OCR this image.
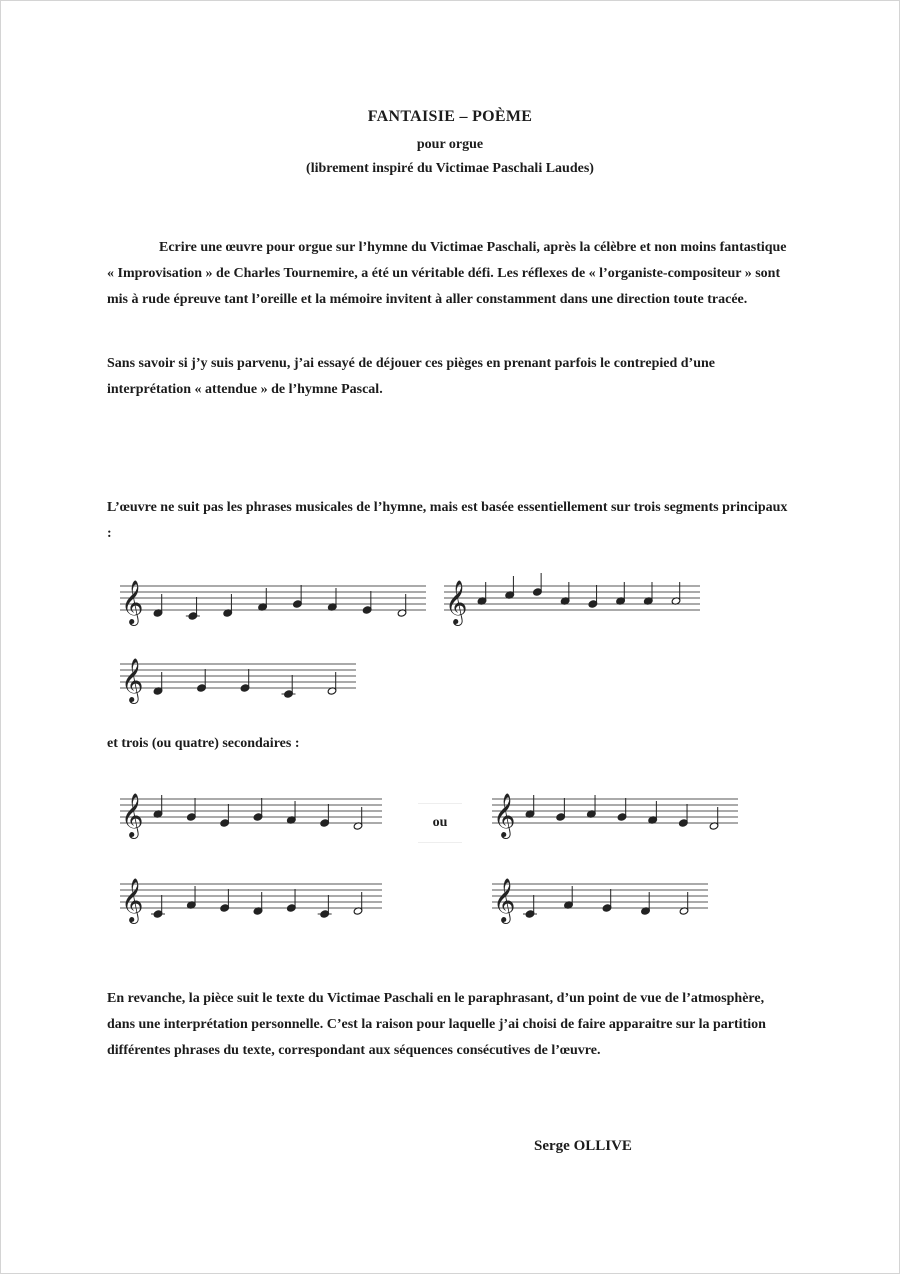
FANTAISIE – POÈME
pour orgue
(librement inspiré du Victimae Paschali Laudes)

Ecrire une œuvre pour orgue sur l’hymne du Victimae Paschali, après la célèbre et non moins fantastique « Improvisation » de Charles Tournemire, a été un véritable défi. Les réflexes de « l’organiste-compositeur » sont mis à rude épreuve tant l’oreille et la mémoire invitent à aller constamment dans une direction toute tracée.

Sans savoir si j’y suis parvenu, j’ai essayé de déjouer ces pièges en prenant parfois le contrepied d’une interprétation « attendue » de l’hymne Pascal.

L’œuvre ne suit pas les phrases musicales de l’hymne, mais est basée essentiellement sur trois segments principaux :

𝄞	𝄞
𝄞

et trois (ou quatre) secondaires :

𝄞	ou	𝄞
𝄞	𝄞

En revanche, la pièce suit le texte du Victimae Paschali en le paraphrasant, d’un point de vue de l’atmosphère, dans une interprétation personnelle. C’est la raison pour laquelle j’ai choisi de faire apparaitre sur la partition différentes phrases du texte, correspondant aux séquences consécutives de l’œuvre.

Serge OLLIVE
